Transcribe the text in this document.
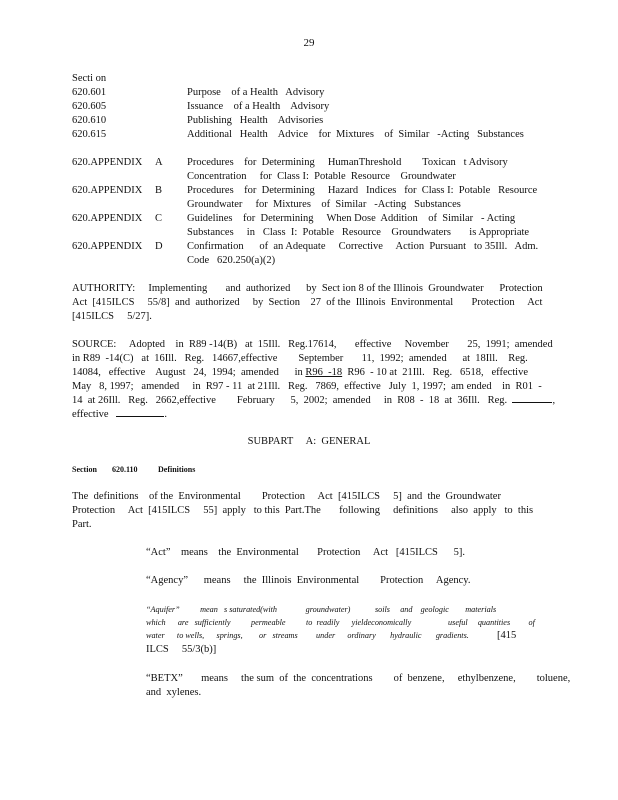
29
Secti on
620.601	Purpose    of a Health   Advisory
620.605	Issuance    of a Health    Advisory
620.610	Publishing   Health    Advisories
620.615	Additional   Health    Advice    for  Mixtures    of  Similar   -Acting   Substances
620.APPENDIX A Procedures    for  Determining     HumanThreshold        Toxican   t Advisory
Concentration     for  Class I:  Potable  Resource    Groundwater
620.APPENDIX B Procedures    for  Determining     Hazard   Indices   for  Class I:  Potable   Resource
Groundwater     for  Mixtures    of  Similar   -Acting   Substances
620.APPENDIX C Guidelines    for  Determining     When Dose  Addition    of  Similar   - Acting
Substances     in   Class  I:  Potable   Resource    Groundwaters       is Appropriate
620.APPENDIX D Confirmation      of  an Adequate     Corrective     Action  Pursuant   to 35Ill.   Adm.
Code   620.250(a)(2)
AUTHORITY:     Implementing       and  authorized      by  Sect ion 8 of the Illinois  Groundwater      Protection
Act  [415ILCS     55/8]  and  authorized     by  Section    27  of the  Illinois  Environmental       Protection     Act
[415ILCS     5/27].
SOURCE:     Adopted    in  R89 -14(B)   at  15Ill.   Reg.17614,       effective     November       25,  1991;  amended
in R89  -14(C)   at  16Ill.   Reg.   14667,effective        September       11,  1992;  amended      at  18Ill.    Reg.
14084,   effective    August   24,  1994;  amended      in R96  -18  R96  - 10 at  21Ill.   Reg.   6518,   effective
May   8, 1997;   amended     in  R97 - 11  at 21Ill.   Reg.   7869,  effective   July  1, 1997;  am ended    in  R01  -
14  at 26Ill.   Reg.   2662,effective        February      5,  2002;  amended     in  R08  -  18  at  36Ill.   Reg.	,
effective	.
SUBPART     A:  GENERAL
Section 620.110	Definitions
The  definitions    of the  Environmental        Protection     Act  [415ILCS     5]  and  the  Groundwater
Protection     Act  [415ILCS     55]  apply   to this  Part.The       following     definitions     also  apply   to  this
Part.
“Act”    means    the  Environmental       Protection     Act   [415ILCS      5].
“Agency”      means     the  Illinois  Environmental        Protection     Agency.
“Aquifer”          mean   s saturated(with              groundwater)            soils     and    geologic        materials
which      are   sufficiently          permeable          to  readily      yieldeconomically                  useful     quantities         of
water      to wells,      springs,        or   streams         under      ordinary       hydraulic       gradients.	[415
ILCS     55/3(b)]
“BETX”       means     the sum  of  the  concentrations        of  benzene,     ethylbenzene,        toluene,
and  xylenes.
